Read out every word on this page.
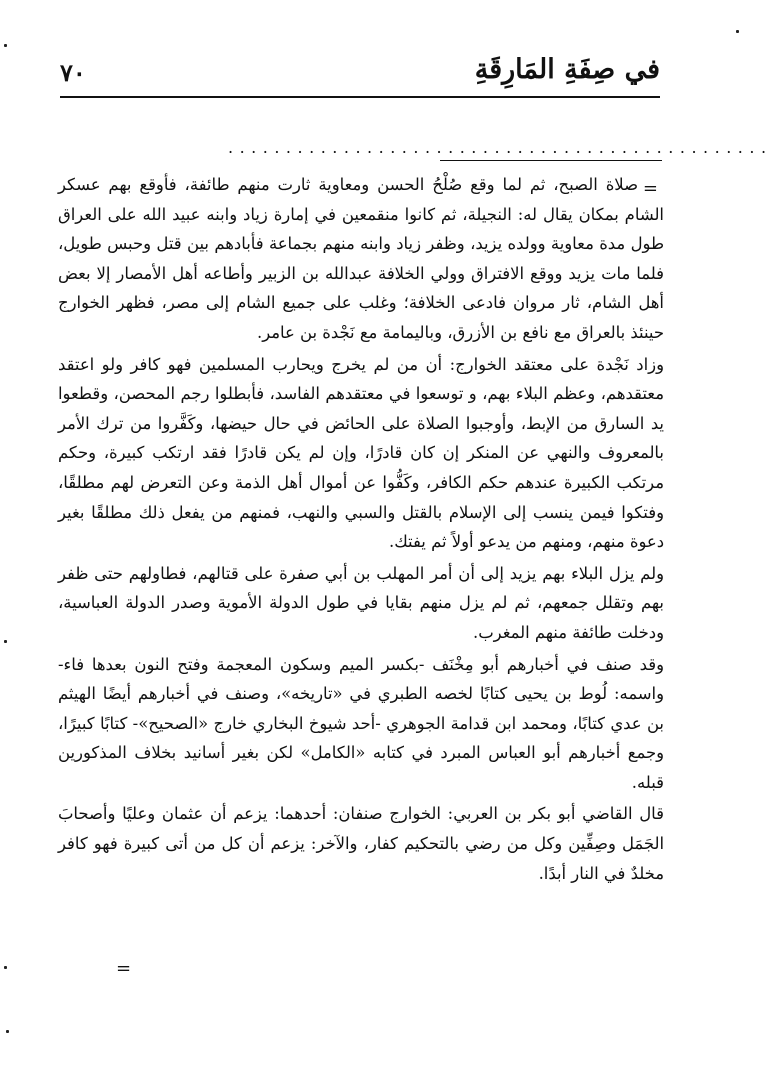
٧٠	في صِفَةِ المَارِقَةِ
...............................................
=

صلاة الصبح، ثم لما وقع صُلْحُ الحسن ومعاوية ثارت منهم طائفة، فأوقع بهم عسكر الشام بمكان يقال له: النجيلة، ثم كانوا منقمعين في إمارة زياد وابنه عبيد الله على العراق طول مدة معاوية وولده يزيد، وظفر زياد وابنه منهم بجماعة فأبادهم بين قتل وحبس طويل، فلما مات يزيد ووقع الافتراق وولي الخلافة عبدالله بن الزبير وأطاعه أهل الأمصار إلا بعض أهل الشام، ثار مروان فادعى الخلافة؛ وغلب على جميع الشام إلى مصر، فظهر الخوارج حينئذ بالعراق مع نافع بن الأزرق، وباليمامة مع نَجْدة بن عامر.

وزاد نَجْدة على معتقد الخوارج: أن من لم يخرج ويحارب المسلمين فهو كافر ولو اعتقد معتقدهم، وعظم البلاء بهم، و توسعوا في معتقدهم الفاسد، فأبطلوا رجم المحصن، وقطعوا يد السارق من الإبط، وأوجبوا الصلاة على الحائض في حال حيضها، وكَفَّروا من ترك الأمر بالمعروف والنهي عن المنكر إن كان قادرًا، وإن لم يكن قادرًا فقد ارتكب كبيرة، وحكم مرتكب الكبيرة عندهم حكم الكافر، وكَفُّوا عن أموال أهل الذمة وعن التعرض لهم مطلقًا، وفتكوا فيمن ينسب إلى الإسلام بالقتل والسبي والنهب، فمنهم من يفعل ذلك مطلقًا بغير دعوة منهم، ومنهم من يدعو أولاً ثم يفتك.

ولم يزل البلاء بهم يزيد إلى أن أمر المهلب بن أبي صفرة على قتالهم، فطاولهم حتى ظفر بهم وتقلل جمعهم، ثم لم يزل منهم بقايا في طول الدولة الأموية وصدر الدولة العباسية، ودخلت طائفة منهم المغرب.

وقد صنف في أخبارهم أبو مِخْنَف -بكسر الميم وسكون المعجمة وفتح النون بعدها فاء- واسمه: لُوط بن يحيى كتابًا لخصه الطبري في «تاريخه»، وصنف في أخبارهم أيضًا الهيثم بن عدي كتابًا، ومحمد ابن قدامة الجوهري -أحد شيوخ البخاري خارج «الصحيح»- كتابًا كبيرًا، وجمع أخبارهم أبو العباس المبرد في كتابه «الكامل» لكن بغير أسانيد بخلاف المذكورين قبله.

قال القاضي أبو بكر بن العربي: الخوارج صنفان: أحدهما: يزعم أن عثمان وعليًا وأصحابَ الجَمَل وصِفِّين وكل من رضي بالتحكيم كفار، والآخر: يزعم أن كل من أتى كبيرة فهو كافر مخلدٌ في النار أبدًا.

=
